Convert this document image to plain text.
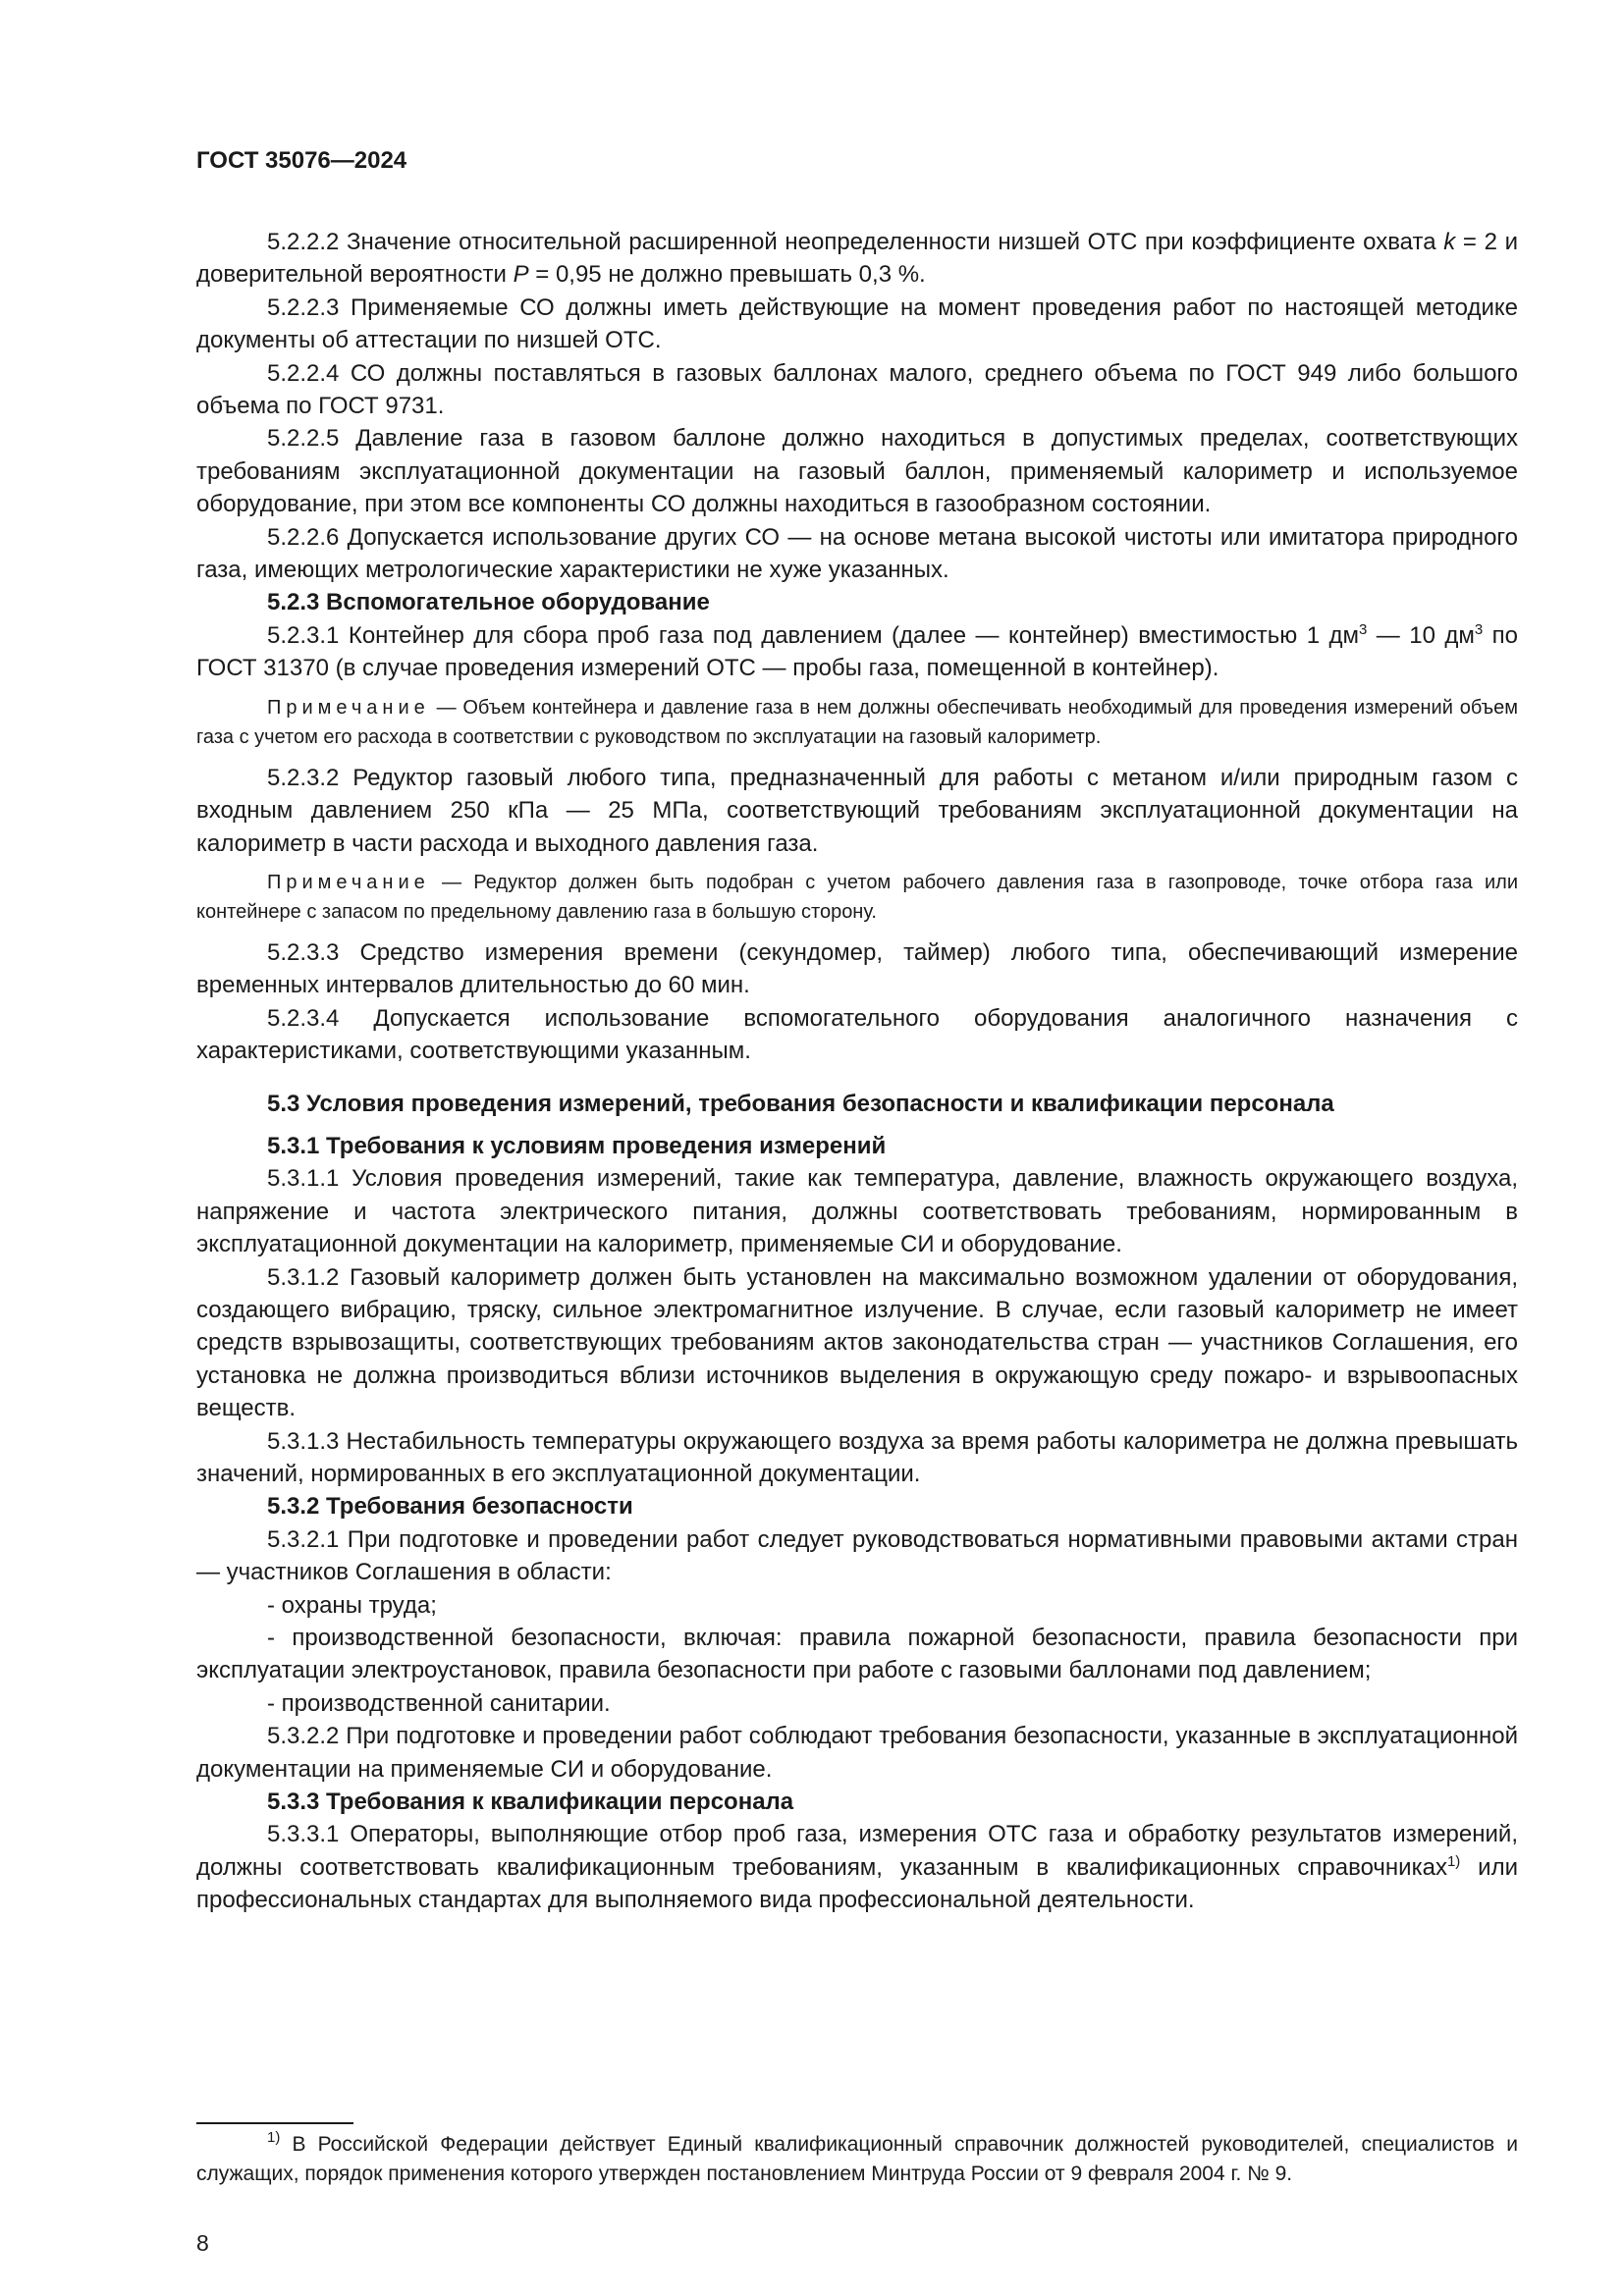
ГОСТ 35076—2024

5.2.2.2 Значение относительной расширенной неопределенности низшей ОТС при коэффициенте охвата k = 2 и доверительной вероятности P = 0,95 не должно превышать 0,3 %.

5.2.2.3 Применяемые СО должны иметь действующие на момент проведения работ по настоящей методике документы об аттестации по низшей ОТС.

5.2.2.4 СО должны поставляться в газовых баллонах малого, среднего объема по ГОСТ 949 либо большого объема по ГОСТ 9731.

5.2.2.5 Давление газа в газовом баллоне должно находиться в допустимых пределах, соответствующих требованиям эксплуатационной документации на газовый баллон, применяемый калориметр и используемое оборудование, при этом все компоненты СО должны находиться в газообразном состоянии.

5.2.2.6 Допускается использование других СО — на основе метана высокой чистоты или имитатора природного газа, имеющих метрологические характеристики не хуже указанных.

5.2.3 Вспомогательное оборудование

5.2.3.1 Контейнер для сбора проб газа под давлением (далее — контейнер) вместимостью 1 $дм^3$ — 10 $дм^3$ по ГОСТ 31370 (в случае проведения измерений ОТС — пробы газа, помещенной в контейнер).

Примечание — Объем контейнера и давление газа в нем должны обеспечивать необходимый для проведения измерений объем газа с учетом его расхода в соответствии с руководством по эксплуатации на газовый калориметр.

5.2.3.2 Редуктор газовый любого типа, предназначенный для работы с метаном и/или природным газом с входным давлением 250 кПа — 25 МПа, соответствующий требованиям эксплуатационной документации на калориметр в части расхода и выходного давления газа.

Примечание — Редуктор должен быть подобран с учетом рабочего давления газа в газопроводе, точке отбора газа или контейнере с запасом по предельному давлению газа в большую сторону.

5.2.3.3 Средство измерения времени (секундомер, таймер) любого типа, обеспечивающий измерение временных интервалов длительностью до 60 мин.

5.2.3.4 Допускается использование вспомогательного оборудования аналогичного назначения с характеристиками, соответствующими указанным.

5.3 Условия проведения измерений, требования безопасности и квалификации персонала

5.3.1 Требования к условиям проведения измерений

5.3.1.1 Условия проведения измерений, такие как температура, давление, влажность окружающего воздуха, напряжение и частота электрического питания, должны соответствовать требованиям, нормированным в эксплуатационной документации на калориметр, применяемые СИ и оборудование.

5.3.1.2 Газовый калориметр должен быть установлен на максимально возможном удалении от оборудования, создающего вибрацию, тряску, сильное электромагнитное излучение. В случае, если газовый калориметр не имеет средств взрывозащиты, соответствующих требованиям актов законодательства стран — участников Соглашения, его установка не должна производиться вблизи источников выделения в окружающую среду пожаро- и взрывоопасных веществ.

5.3.1.3 Нестабильность температуры окружающего воздуха за время работы калориметра не должна превышать значений, нормированных в его эксплуатационной документации.

5.3.2 Требования безопасности

5.3.2.1 При подготовке и проведении работ следует руководствоваться нормативными правовыми актами стран — участников Соглашения в области:

- охраны труда;

- производственной безопасности, включая: правила пожарной безопасности, правила безопасности при эксплуатации электроустановок, правила безопасности при работе с газовыми баллонами под давлением;

- производственной санитарии.

5.3.2.2 При подготовке и проведении работ соблюдают требования безопасности, указанные в эксплуатационной документации на применяемые СИ и оборудование.

5.3.3 Требования к квалификации персонала

5.3.3.1 Операторы, выполняющие отбор проб газа, измерения ОТС газа и обработку результатов измерений, должны соответствовать квалификационным требованиям, указанным в квалификационных справочниках$^{1)}$ или профессиональных стандартах для выполняемого вида профессиональной деятельности.

$^{1)}$ В Российской Федерации действует Единый квалификационный справочник должностей руководителей, специалистов и служащих, порядок применения которого утвержден постановлением Минтруда России от 9 февраля 2004 г. № 9.

8
